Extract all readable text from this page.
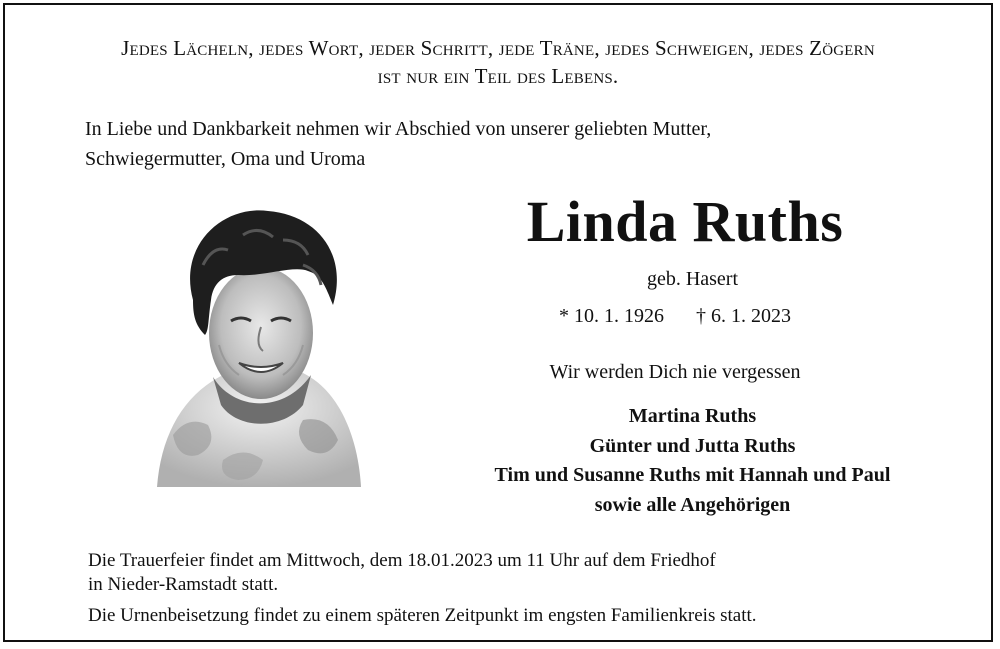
Jedes Lächeln, jedes Wort, jeder Schritt, jede Träne, jedes Schweigen, jedes Zögern
ist nur ein Teil des Lebens.
In Liebe und Dankbarkeit nehmen wir Abschied von unserer geliebten Mutter,
Schwiegermutter, Oma und Uroma
Linda Ruths
geb. Hasert
* 10. 1. 1926 † 6. 1. 2023
Wir werden Dich nie vergessen
Martina Ruths
Günter und Jutta Ruths
Tim und Susanne Ruths mit Hannah und Paul
sowie alle Angehörigen
Die Trauerfeier findet am Mittwoch, dem 18.01.2023 um 11 Uhr auf dem Friedhof
in Nieder-Ramstadt statt.
Die Urnenbeisetzung findet zu einem späteren Zeitpunkt im engsten Familienkreis statt.
